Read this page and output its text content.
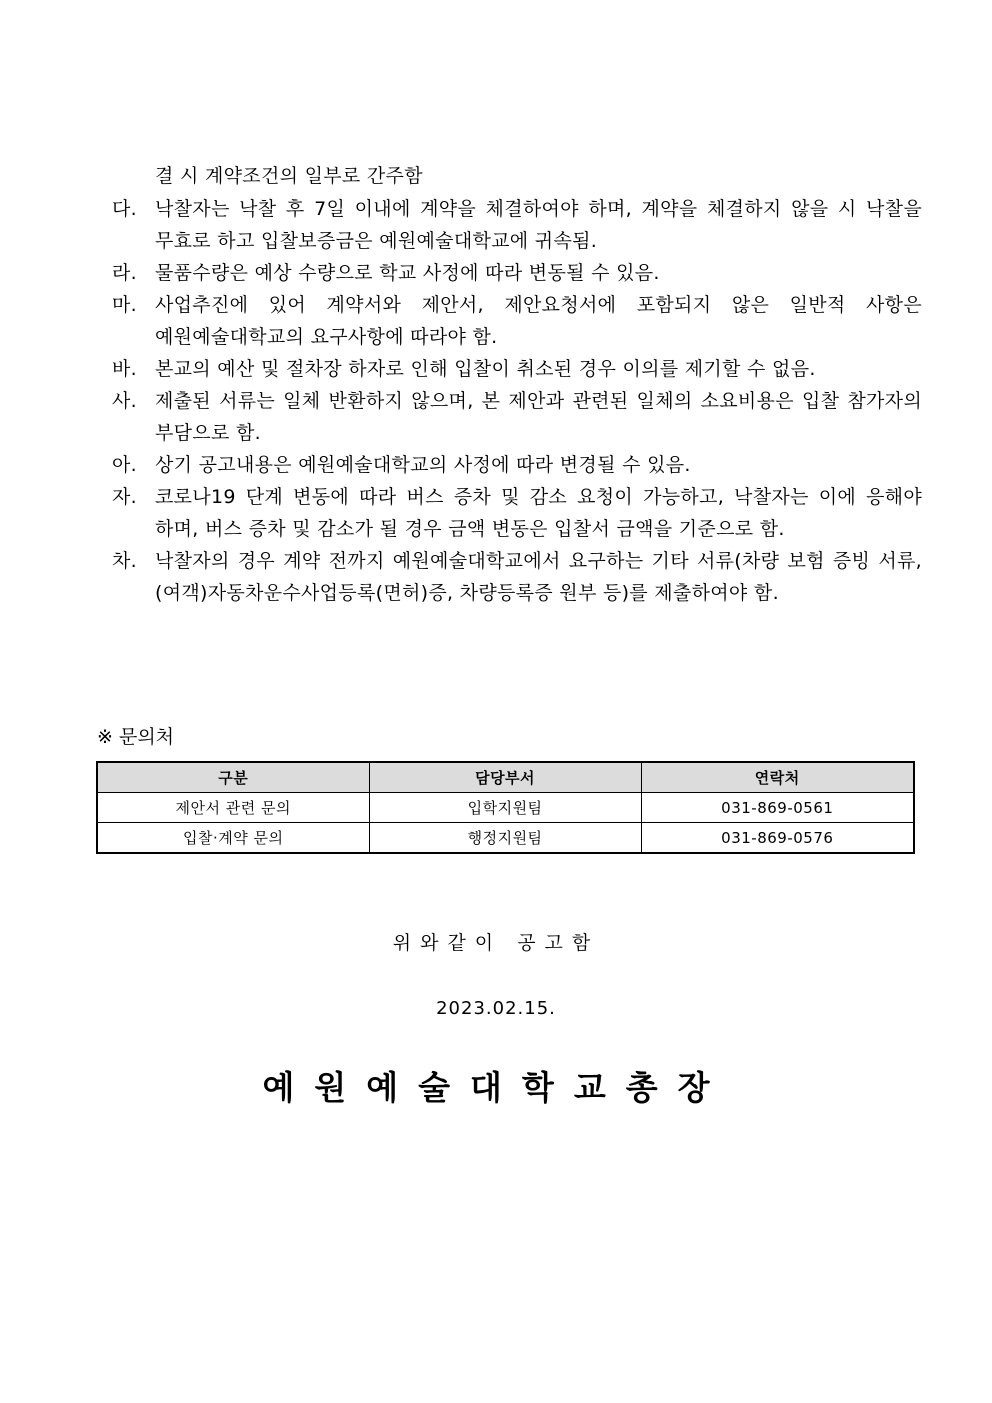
결 시 계약조건의 일부로 간주함
다. 낙찰자는 낙찰 후 7일 이내에 계약을 체결하여야 하며, 계약을 체결하지 않을 시 낙찰을 무효로 하고 입찰보증금은 예원예술대학교에 귀속됨.
라. 물품수량은 예상 수량으로 학교 사정에 따라 변동될 수 있음.
마. 사업추진에 있어 계약서와 제안서, 제안요청서에 포함되지 않은 일반적 사항은 예원예술대학교의 요구사항에 따라야 함.
바. 본교의 예산 및 절차장 하자로 인해 입찰이 취소된 경우 이의를 제기할 수 없음.
사. 제출된 서류는 일체 반환하지 않으며, 본 제안과 관련된 일체의 소요비용은 입찰 참가자의 부담으로 함.
아. 상기 공고내용은 예원예술대학교의 사정에 따라 변경될 수 있음.
자. 코로나19 단계 변동에 따라 버스 증차 및 감소 요청이 가능하고, 낙찰자는 이에 응해야 하며, 버스 증차 및 감소가 될 경우 금액 변동은 입찰서 금액을 기준으로 함.
차. 낙찰자의 경우 계약 전까지 예원예술대학교에서 요구하는 기타 서류(차량 보험 증빙 서류, (여객)자동차운수사업등록(면허)증, 차량등록증 원부 등)를 제출하여야 함.
※ 문의처
구분	담당부서	연락처
제안서 관련 문의	입학지원팀	031-869-0561
입찰·계약 문의	행정지원팀	031-869-0576
위와같이 공고함
2023.02.15.
예원예술대학교총장
